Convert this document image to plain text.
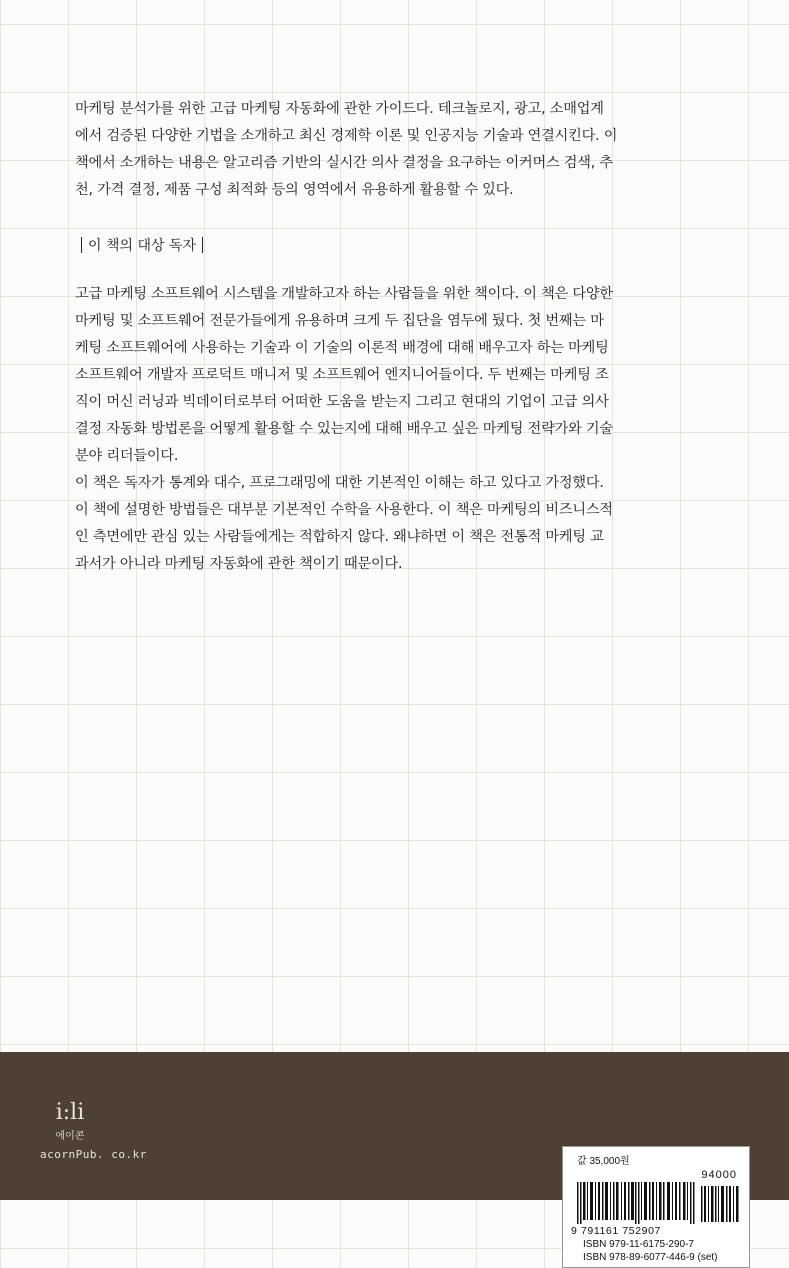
마케팅 분석가를 위한 고급 마케팅 자동화에 관한 가이드다. 테크놀로지, 광고, 소매업계
에서 검증된 다양한 기법을 소개하고 최신 경제학 이론 및 인공지능 기술과 연결시킨다. 이
책에서 소개하는 내용은 알고리즘 기반의 실시간 의사 결정을 요구하는 이커머스 검색, 추
천, 가격 결정, 제품 구성 최적화 등의 영역에서 유용하게 활용할 수 있다.
이 책의 대상 독자
고급 마케팅 소프트웨어 시스템을 개발하고자 하는 사람들을 위한 책이다. 이 책은 다양한
마케팅 및 소프트웨어 전문가들에게 유용하며 크게 두 집단을 염두에 뒀다. 첫 번째는 마
케팅 소프트웨어에 사용하는 기술과 이 기술의 이론적 배경에 대해 배우고자 하는 마케팅
소프트웨어 개발자 프로덕트 매니저 및 소프트웨어 엔지니어들이다. 두 번째는 마케팅 조
직이 머신 러닝과 빅데이터로부터 어떠한 도움을 받는지 그리고 현대의 기업이 고급 의사
결정 자동화 방법론을 어떻게 활용할 수 있는지에 대해 배우고 싶은 마케팅 전략가와 기술
분야 리더들이다.
이 책은 독자가 통계와 대수, 프로그래밍에 대한 기본적인 이해는 하고 있다고 가정했다.
이 책에 설명한 방법들은 대부분 기본적인 수학을 사용한다. 이 책은 마케팅의 비즈니스적
인 측면에만 관심 있는 사람들에게는 적합하지 않다. 왜냐하면 이 책은 전통적 마케팅 교
과서가 아니라 마케팅 자동화에 관한 책이기 때문이다.
i:li
에이콘
acornPub. co.kr
값 35,000원
94000
9 791161 752907
ISBN 979-11-6175-290-7
ISBN 978-89-6077-446-9 (set)
